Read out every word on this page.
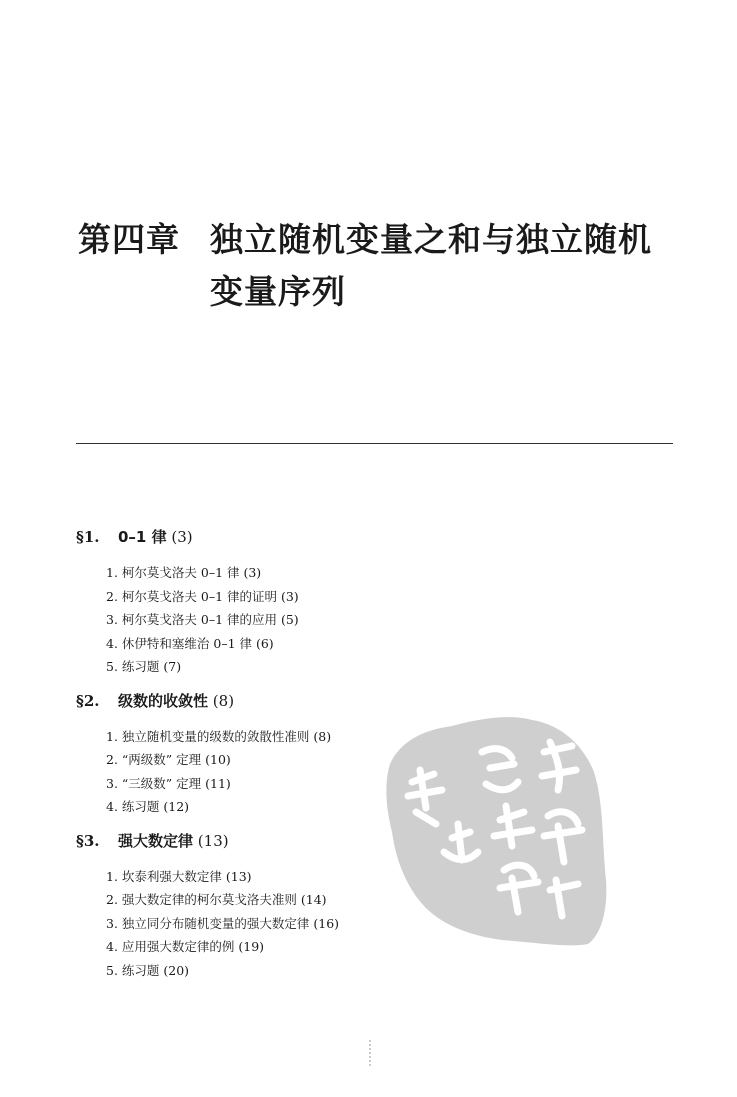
第四章 独立随机变量之和与独立随机变量序列
§1. 0–1 律 (3)
1. 柯尔莫戈洛夫 0–1 律 (3)
2. 柯尔莫戈洛夫 0–1 律的证明 (3)
3. 柯尔莫戈洛夫 0–1 律的应用 (5)
4. 休伊特和塞维治 0–1 律 (6)
5. 练习题 (7)
§2. 级数的收敛性 (8)
1. 独立随机变量的级数的敛散性准则 (8)
2. “两级数” 定理 (10)
3. “三级数” 定理 (11)
4. 练习题 (12)
§3. 强大数定律 (13)
1. 坎泰利强大数定律 (13)
2. 强大数定律的柯尔莫戈洛夫准则 (14)
3. 独立同分布随机变量的强大数定律 (16)
4. 应用强大数定律的例 (19)
5. 练习题 (20)
